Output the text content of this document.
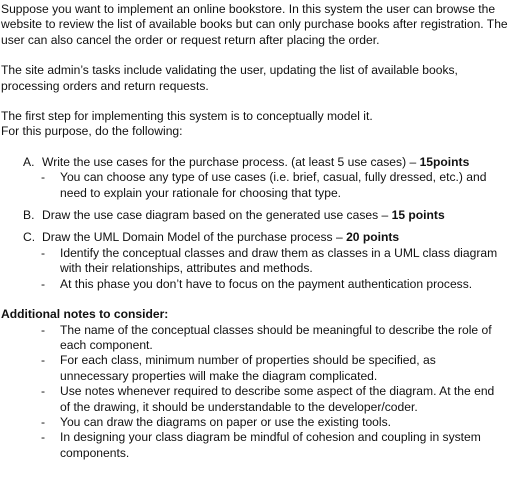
Suppose you want to implement an online bookstore. In this system the user can browse the website to review the list of available books but can only purchase books after registration. The user can also cancel the order or request return after placing the order.

The site admin’s tasks include validating the user, updating the list of available books, processing orders and return requests.

The first step for implementing this system is to conceptually model it.

For this purpose, do the following:

A. Write the use cases for the purchase process. (at least 5 use cases) – 15points
-	You can choose any type of use cases (i.e. brief, casual, fully dressed, etc.) and need to explain your rationale for choosing that type.
B. Draw the use case diagram based on the generated use cases – 15 points
C. Draw the UML Domain Model of the purchase process – 20 points
-	Identify the conceptual classes and draw them as classes in a UML class diagram with their relationships, attributes and methods.
-	At this phase you don’t have to focus on the payment authentication process.

Additional notes to consider:

-	The name of the conceptual classes should be meaningful to describe the role of each component.
-	For each class, minimum number of properties should be specified, as unnecessary properties will make the diagram complicated.
-	Use notes whenever required to describe some aspect of the diagram. At the end of the drawing, it should be understandable to the developer/coder.
-	You can draw the diagrams on paper or use the existing tools.
-	In designing your class diagram be mindful of cohesion and coupling in system components.
